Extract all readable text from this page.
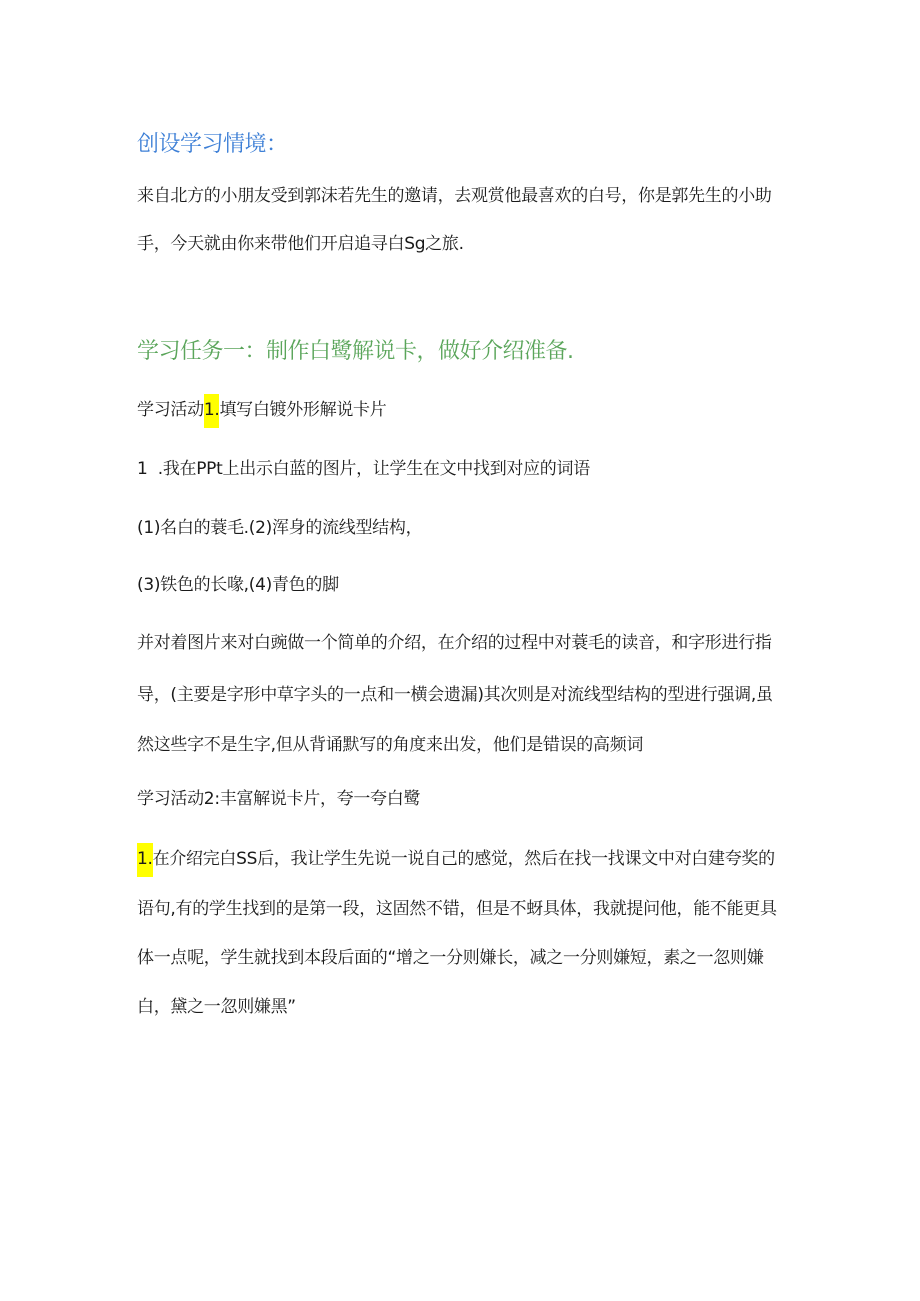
创设学习情境：
来自北方的小朋友受到郭沫若先生的邀请，去观赏他最喜欢的白号，你是郭先生的小助
手，今天就由你来带他们开启追寻白Sg之旅.
学习任务一：制作白鹭解说卡，做好介绍准备.
学习活动1.填写白镀外形解说卡片
1  .我在PPt上出示白蓝的图片，让学生在文中找到对应的词语
(1)名白的蓑毛.(2)浑身的流线型结构，
(3)铁色的长喙,(4)青色的脚
并对着图片来对白豌做一个简单的介绍，在介绍的过程中对蓑毛的读音，和字形进行指
导，(主要是字形中草字头的一点和一横会遗漏)其次则是对流线型结构的型进行强调,虽
然这些字不是生字,但从背诵默写的角度来出发，他们是错误的高频词
学习活动2:丰富解说卡片，夸一夸白鹭
1.在介绍完白SS后，我让学生先说一说自己的感觉，然后在找一找课文中对白建夸奖的
语句,有的学生找到的是第一段，这固然不错，但是不蚜具体，我就提问他，能不能更具
体一点呢，学生就找到本段后面的“增之一分则嫌长，减之一分则嫌短，素之一忽则嫌
白，黛之一忽则嫌黑”
